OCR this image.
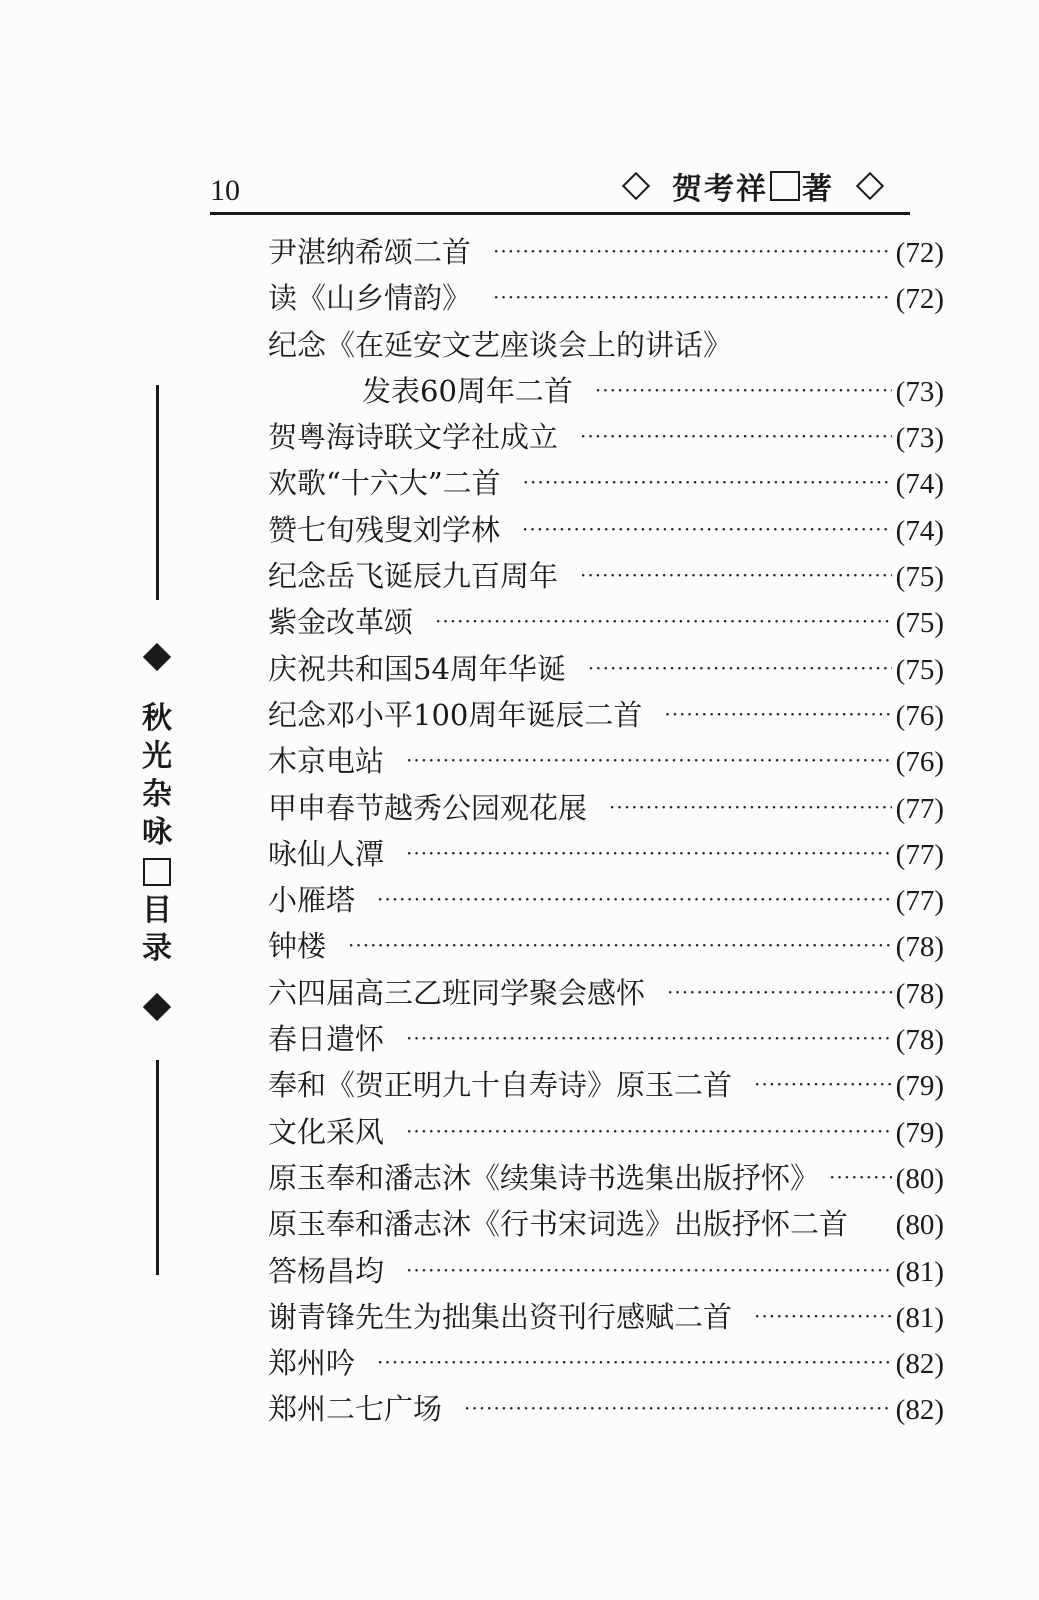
10	贺考祥 著
秋
光
杂
咏
目
录
尹湛纳希颂二首 ·····	(72)
读《山乡情韵》 ·····	(72)
纪念《在延安文艺座谈会上的讲话》
发表60周年二首 ·····	(73)
贺粤海诗联文学社成立 ·····	(73)
欢歌“十六大”二首 ·····	(74)
赞七旬残叟刘学林 ·····	(74)
纪念岳飞诞辰九百周年 ·····	(75)
紫金改革颂 ·····	(75)
庆祝共和国54周年华诞 ·····	(75)
纪念邓小平100周年诞辰二首 ·····	(76)
木京电站 ·····	(76)
甲申春节越秀公园观花展 ·····	(77)
咏仙人潭 ·····	(77)
小雁塔 ·····	(77)
钟楼 ·····	(78)
六四届高三乙班同学聚会感怀 ·····	(78)
春日遣怀 ·····	(78)
奉和《贺正明九十自寿诗》原玉二首 ·····	(79)
文化采风 ·····	(79)
原玉奉和潘志沐《续集诗书选集出版抒怀》 ·····	(80)
原玉奉和潘志沐《行书宋词选》出版抒怀二首 (80)
答杨昌均 ·····	(81)
谢青锋先生为拙集出资刊行感赋二首 ·····	(81)
郑州吟 ·····	(82)
郑州二七广场 ·····	(82)
